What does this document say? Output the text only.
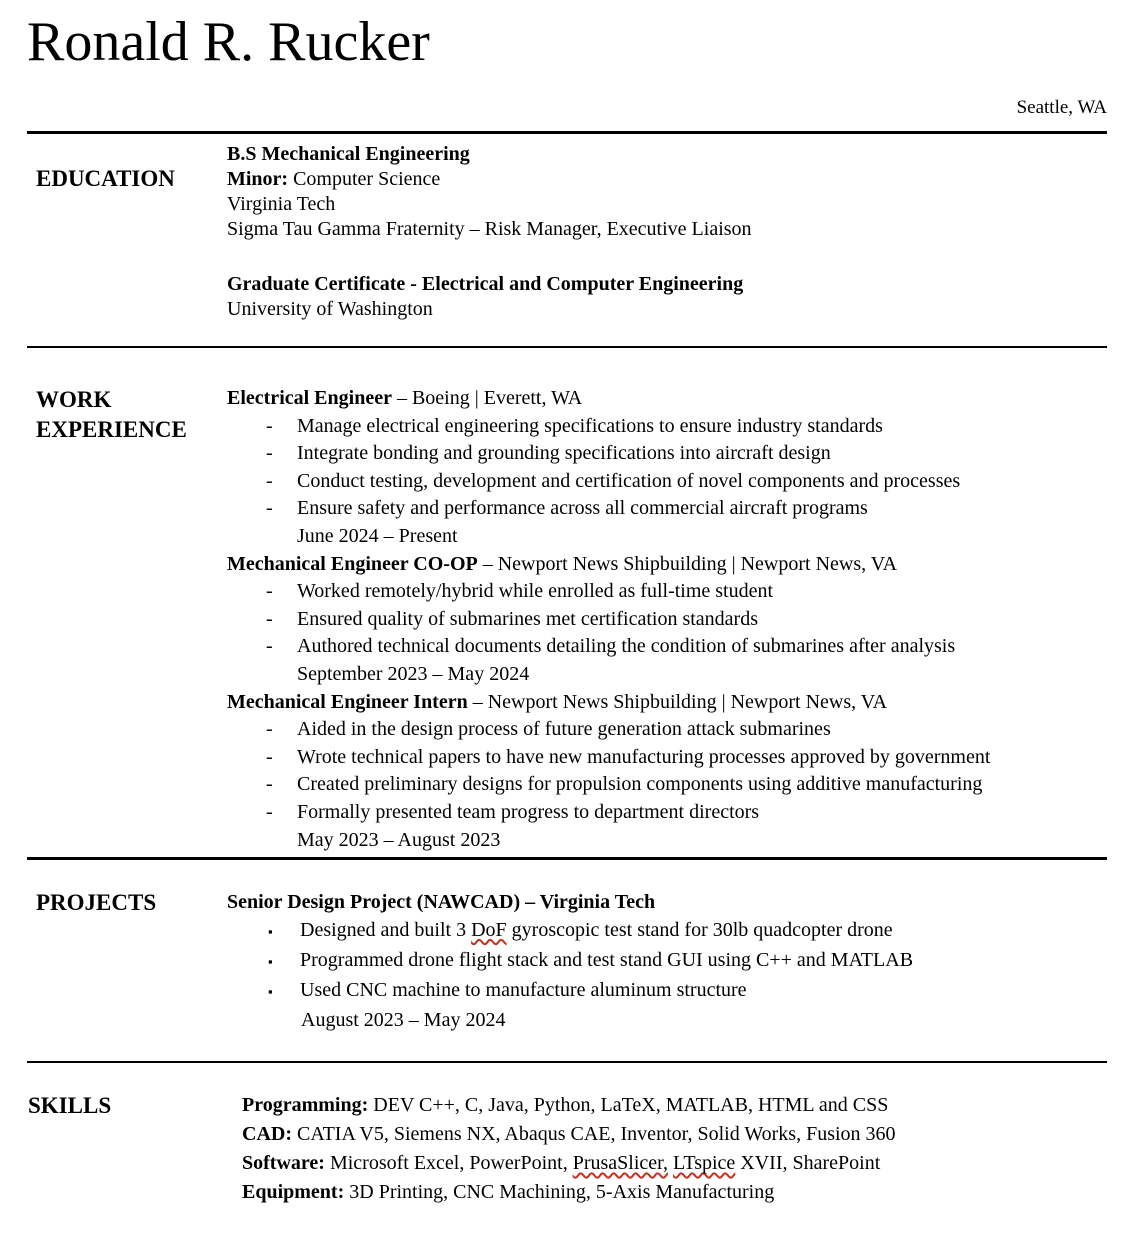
Ronald R. Rucker
Seattle, WA
EDUCATION
B.S Mechanical Engineering
Minor: Computer Science
Virginia Tech
Sigma Tau Gamma Fraternity – Risk Manager, Executive Liaison
Graduate Certificate - Electrical and Computer Engineering
University of Washington
WORK
EXPERIENCE
Electrical Engineer – Boeing | Everett, WA
-	Manage electrical engineering specifications to ensure industry standards
-	Integrate bonding and grounding specifications into aircraft design
-	Conduct testing, development and certification of novel components and processes
-	Ensure safety and performance across all commercial aircraft programs
June 2024 – Present
Mechanical Engineer CO-OP – Newport News Shipbuilding | Newport News, VA
-	Worked remotely/hybrid while enrolled as full-time student
-	Ensured quality of submarines met certification standards
-	Authored technical documents detailing the condition of submarines after analysis
September 2023 – May 2024
Mechanical Engineer Intern – Newport News Shipbuilding | Newport News, VA
-	Aided in the design process of future generation attack submarines
-	Wrote technical papers to have new manufacturing processes approved by government
-	Created preliminary designs for propulsion components using additive manufacturing
-	Formally presented team progress to department directors
May 2023 – August 2023
PROJECTS	Senior Design Project (NAWCAD) – Virginia Tech
▪	Designed and built 3 DoF gyroscopic test stand for 30lb quadcopter drone
▪	Programmed drone flight stack and test stand GUI using C++ and MATLAB
▪	Used CNC machine to manufacture aluminum structure
August 2023 – May 2024
SKILLS	Programming: DEV C++, C, Java, Python, LaTeX, MATLAB, HTML and CSS
CAD: CATIA V5, Siemens NX, Abaqus CAE, Inventor, Solid Works, Fusion 360
Software: Microsoft Excel, PowerPoint, PrusaSlicer, LTspice XVII, SharePoint
Equipment: 3D Printing, CNC Machining, 5-Axis Manufacturing
